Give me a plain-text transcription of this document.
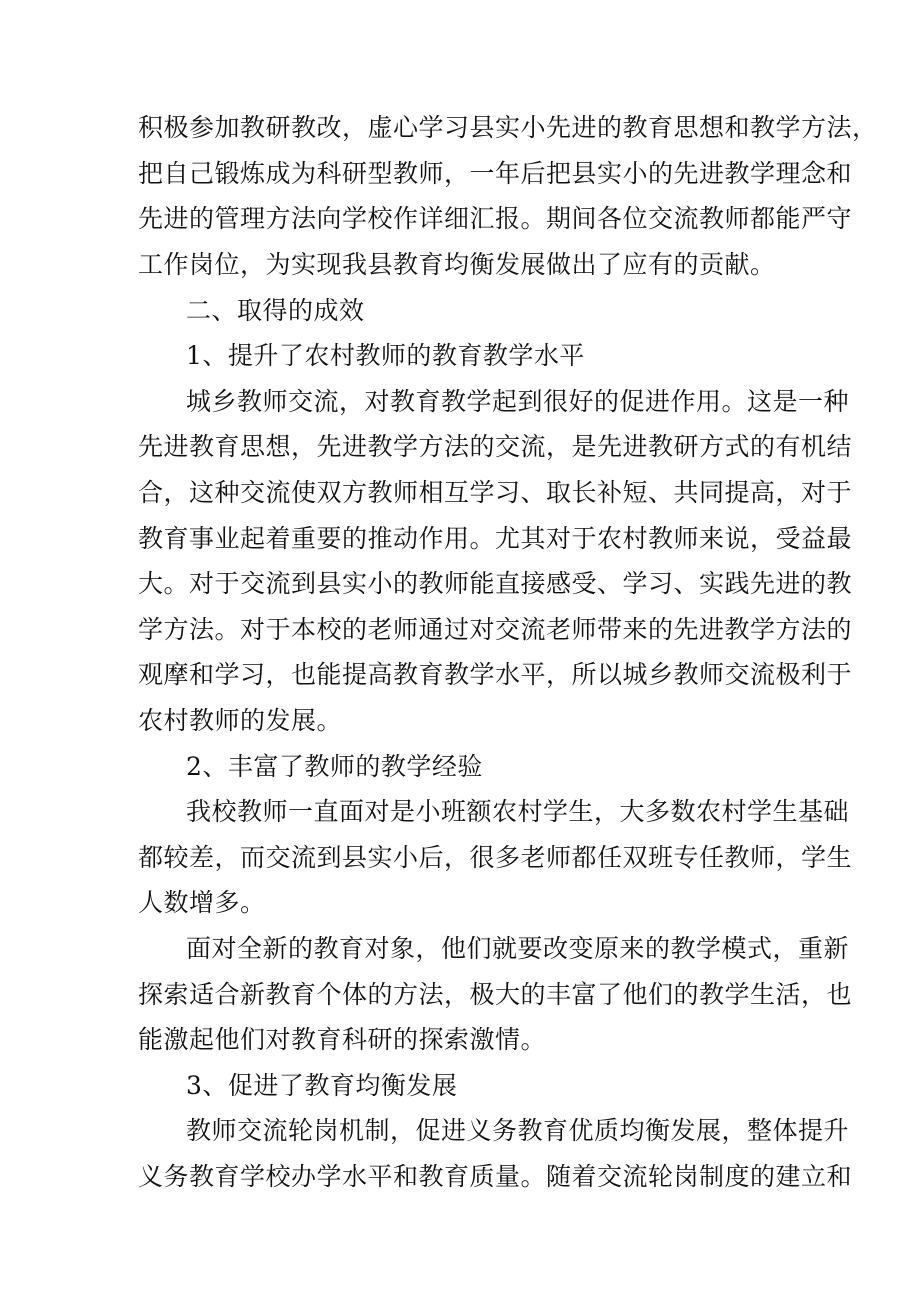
积极参加教研教改，虚心学习县实小先进的教育思想和教学方法，
把自己锻炼成为科研型教师，一年后把县实小的先进教学理念和
先进的管理方法向学校作详细汇报。期间各位交流教师都能严守
工作岗位，为实现我县教育均衡发展做出了应有的贡献。
二、取得的成效
1、提升了农村教师的教育教学水平
城乡教师交流，对教育教学起到很好的促进作用。这是一种
先进教育思想，先进教学方法的交流，是先进教研方式的有机结
合，这种交流使双方教师相互学习、取长补短、共同提高，对于
教育事业起着重要的推动作用。尤其对于农村教师来说，受益最
大。对于交流到县实小的教师能直接感受、学习、实践先进的教
学方法。对于本校的老师通过对交流老师带来的先进教学方法的
观摩和学习，也能提高教育教学水平，所以城乡教师交流极利于
农村教师的发展。
2、丰富了教师的教学经验
我校教师一直面对是小班额农村学生，大多数农村学生基础
都较差，而交流到县实小后，很多老师都任双班专任教师，学生
人数增多。
面对全新的教育对象，他们就要改变原来的教学模式，重新
探索适合新教育个体的方法，极大的丰富了他们的教学生活，也
能激起他们对教育科研的探索激情。
3、促进了教育均衡发展
教师交流轮岗机制，促进义务教育优质均衡发展，整体提升
义务教育学校办学水平和教育质量。随着交流轮岗制度的建立和
